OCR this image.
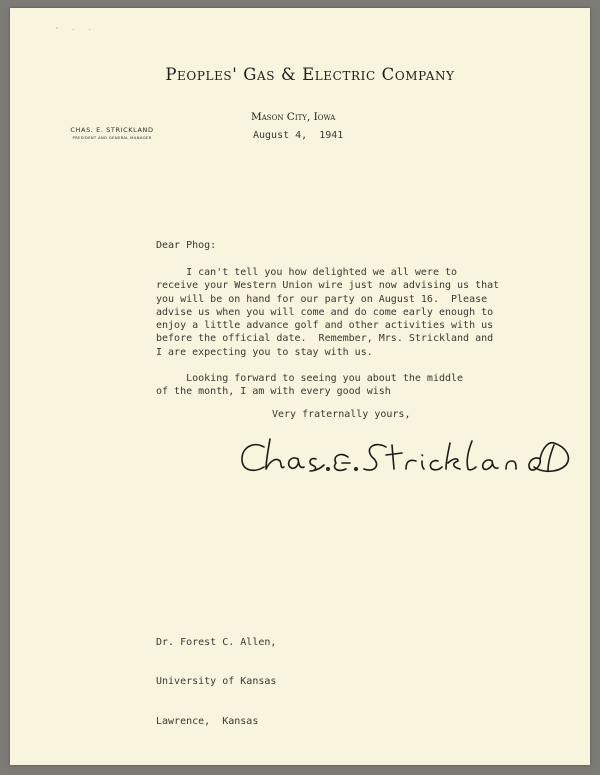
' · ·
Peoples' Gas & Electric Company
CHAS. E. STRICKLAND
PRESIDENT AND GENERAL MANAGER
Mason City, Iowa
August 4,  1941
Dear Phog:
I can't tell you how delighted we all were to
receive your Western Union wire just now advising us that
you will be on hand for our party on August 16.  Please
advise us when you will come and do come early enough to
enjoy a little advance golf and other activities with us
before the official date.  Remember, Mrs. Strickland and
I are expecting you to stay with us.
Looking forward to seeing you about the middle
of the month, I am with every good wish
Very fraternally yours,
Chas. E. Strickland

Dr. Forest C. Allen,

University of Kansas

Lawrence,  Kansas
